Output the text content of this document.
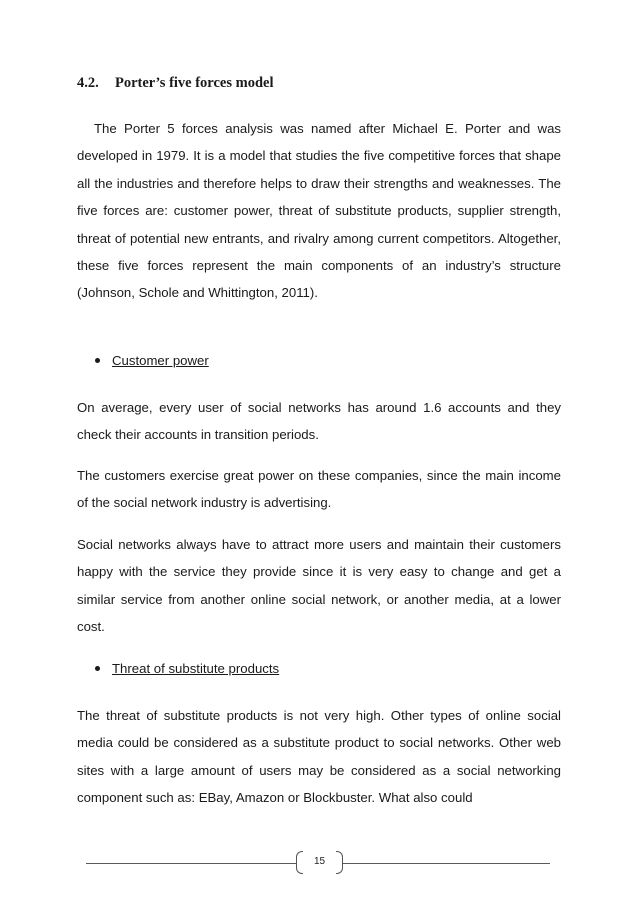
4.2. Porter’s five forces model

The Porter 5 forces analysis was named after Michael E. Porter and was developed in 1979. It is a model that studies the five competitive forces that shape all the industries and therefore helps to draw their strengths and weaknesses. The five forces are: customer power, threat of substitute products, supplier strength, threat of potential new entrants, and rivalry among current competitors. Altogether, these five forces represent the main components of an industry’s structure (Johnson, Schole and Whittington, 2011).

Customer power

On average, every user of social networks has around 1.6 accounts and they check their accounts in transition periods.

The customers exercise great power on these companies, since the main income of the social network industry is advertising.

Social networks always have to attract more users and maintain their customers happy with the service they provide since it is very easy to change and get a similar service from another online social network, or another media, at a lower cost.

Threat of substitute products

The threat of substitute products is not very high. Other types of online social media could be considered as a substitute product to social networks. Other web sites with a large amount of users may be considered as a social networking component such as: EBay, Amazon or Blockbuster. What also could

15
